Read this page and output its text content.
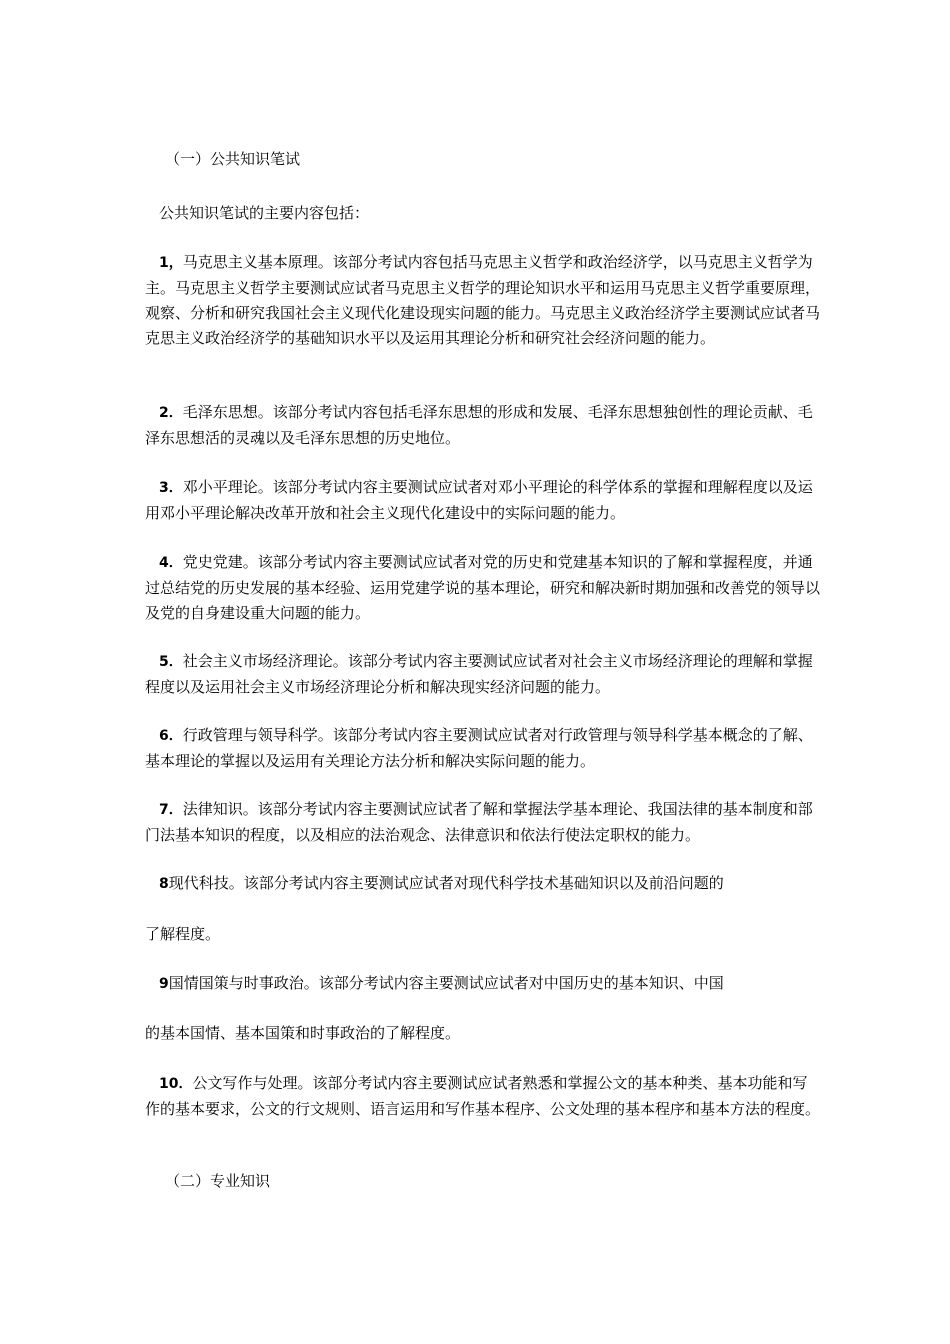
（一）公共知识笔试

公共知识笔试的主要内容包括：

1，马克思主义基本原理。该部分考试内容包括马克思主义哲学和政治经济学，以马克思主义哲学为主。马克思主义哲学主要测试应试者马克思主义哲学的理论知识水平和运用马克思主义哲学重要原理，观察、分析和研究我国社会主义现代化建设现实问题的能力。马克思主义政治经济学主要测试应试者马克思主义政治经济学的基础知识水平以及运用其理论分析和研究社会经济问题的能力。

2．毛泽东思想。该部分考试内容包括毛泽东思想的形成和发展、毛泽东思想独创性的理论贡献、毛泽东思想活的灵魂以及毛泽东思想的历史地位。

3．邓小平理论。该部分考试内容主要测试应试者对邓小平理论的科学体系的掌握和理解程度以及运用邓小平理论解决改革开放和社会主义现代化建设中的实际问题的能力。

4．党史党建。该部分考试内容主要测试应试者对党的历史和党建基本知识的了解和掌握程度，并通过总结党的历史发展的基本经验、运用党建学说的基本理论，研究和解决新时期加强和改善党的领导以及党的自身建设重大问题的能力。

5．社会主义市场经济理论。该部分考试内容主要测试应试者对社会主义市场经济理论的理解和掌握程度以及运用社会主义市场经济理论分析和解决现实经济问题的能力。

6．行政管理与领导科学。该部分考试内容主要测试应试者对行政管理与领导科学基本概念的了解、基本理论的掌握以及运用有关理论方法分析和解决实际问题的能力。

7．法律知识。该部分考试内容主要测试应试者了解和掌握法学基本理论、我国法律的基本制度和部门法基本知识的程度，以及相应的法治观念、法律意识和依法行使法定职权的能力。

8现代科技。该部分考试内容主要测试应试者对现代科学技术基础知识以及前沿问题的

了解程度。

9国情国策与时事政治。该部分考试内容主要测试应试者对中国历史的基本知识、中国

的基本国情、基本国策和时事政治的了解程度。

10．公文写作与处理。该部分考试内容主要测试应试者熟悉和掌握公文的基本种类、基本功能和写作的基本要求，公文的行文规则、语言运用和写作基本程序、公文处理的基本程序和基本方法的程度。

（二）专业知识
